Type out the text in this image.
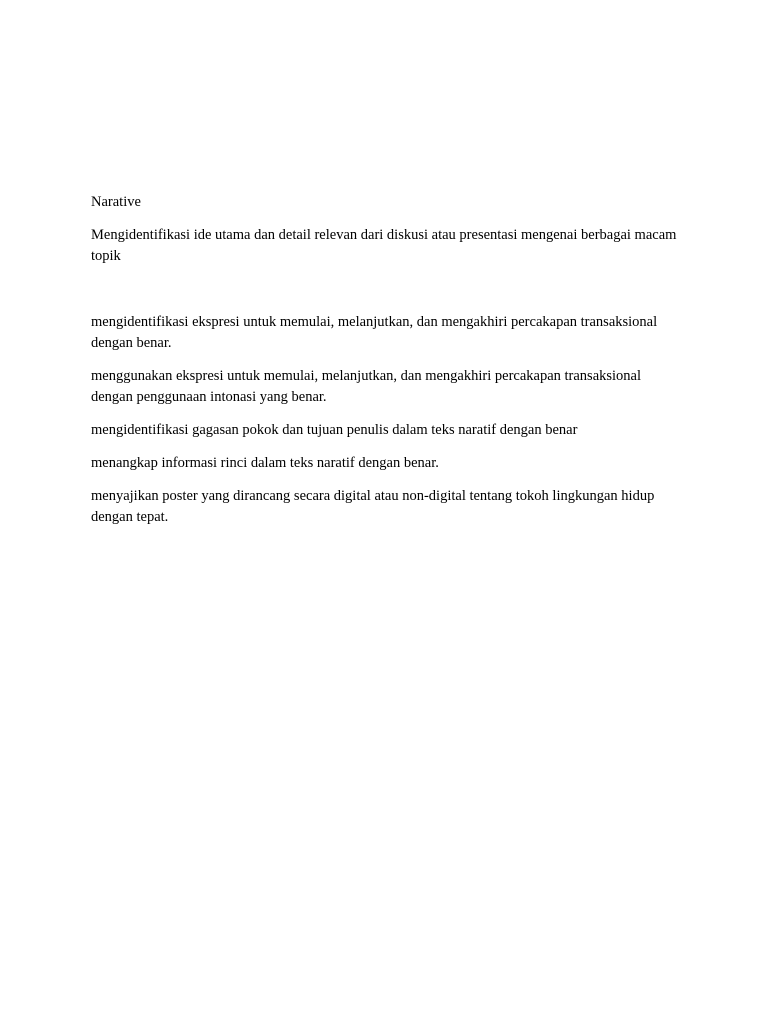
Narative

Mengidentifikasi ide utama dan detail relevan dari diskusi atau presentasi mengenai berbagai macam topik

mengidentifikasi ekspresi untuk memulai, melanjutkan, dan mengakhiri percakapan transaksional dengan benar.

menggunakan ekspresi untuk memulai, melanjutkan, dan mengakhiri percakapan transaksional dengan penggunaan intonasi yang benar.

mengidentifikasi gagasan pokok dan tujuan penulis dalam teks naratif dengan benar

menangkap informasi rinci dalam teks naratif dengan benar.

menyajikan poster yang dirancang secara digital atau non-digital tentang tokoh lingkungan hidup dengan tepat.
